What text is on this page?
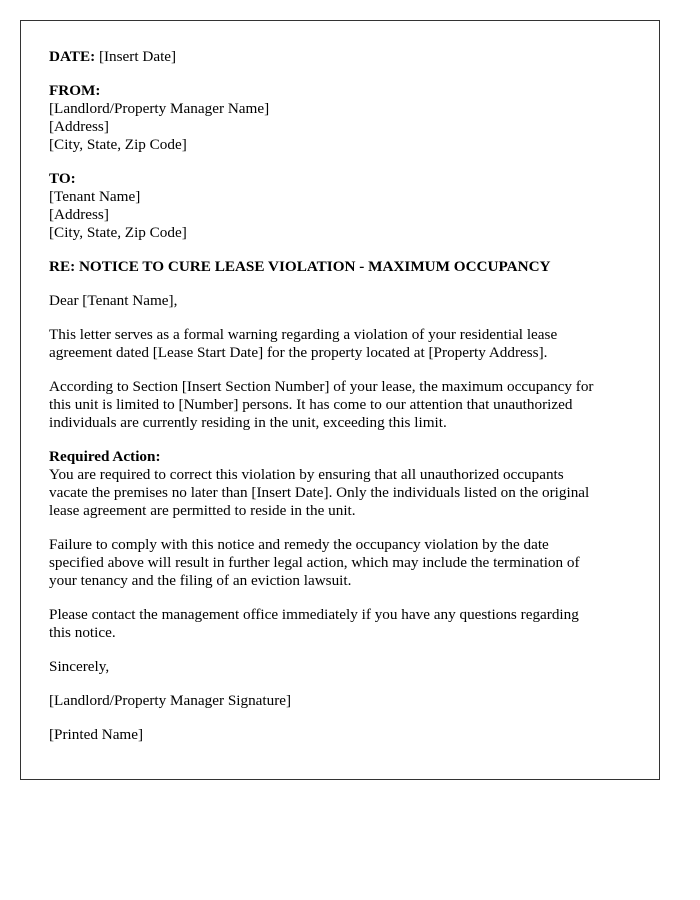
DATE: [Insert Date]
FROM:
[Landlord/Property Manager Name]
[Address]
[City, State, Zip Code]
TO:
[Tenant Name]
[Address]
[City, State, Zip Code]
RE: NOTICE TO CURE LEASE VIOLATION - MAXIMUM OCCUPANCY
Dear [Tenant Name],
This letter serves as a formal warning regarding a violation of your residential lease
agreement dated [Lease Start Date] for the property located at [Property Address].
According to Section [Insert Section Number] of your lease, the maximum occupancy for
this unit is limited to [Number] persons. It has come to our attention that unauthorized
individuals are currently residing in the unit, exceeding this limit.
Required Action:
You are required to correct this violation by ensuring that all unauthorized occupants
vacate the premises no later than [Insert Date]. Only the individuals listed on the original
lease agreement are permitted to reside in the unit.
Failure to comply with this notice and remedy the occupancy violation by the date
specified above will result in further legal action, which may include the termination of
your tenancy and the filing of an eviction lawsuit.
Please contact the management office immediately if you have any questions regarding
this notice.
Sincerely,
[Landlord/Property Manager Signature]
[Printed Name]
